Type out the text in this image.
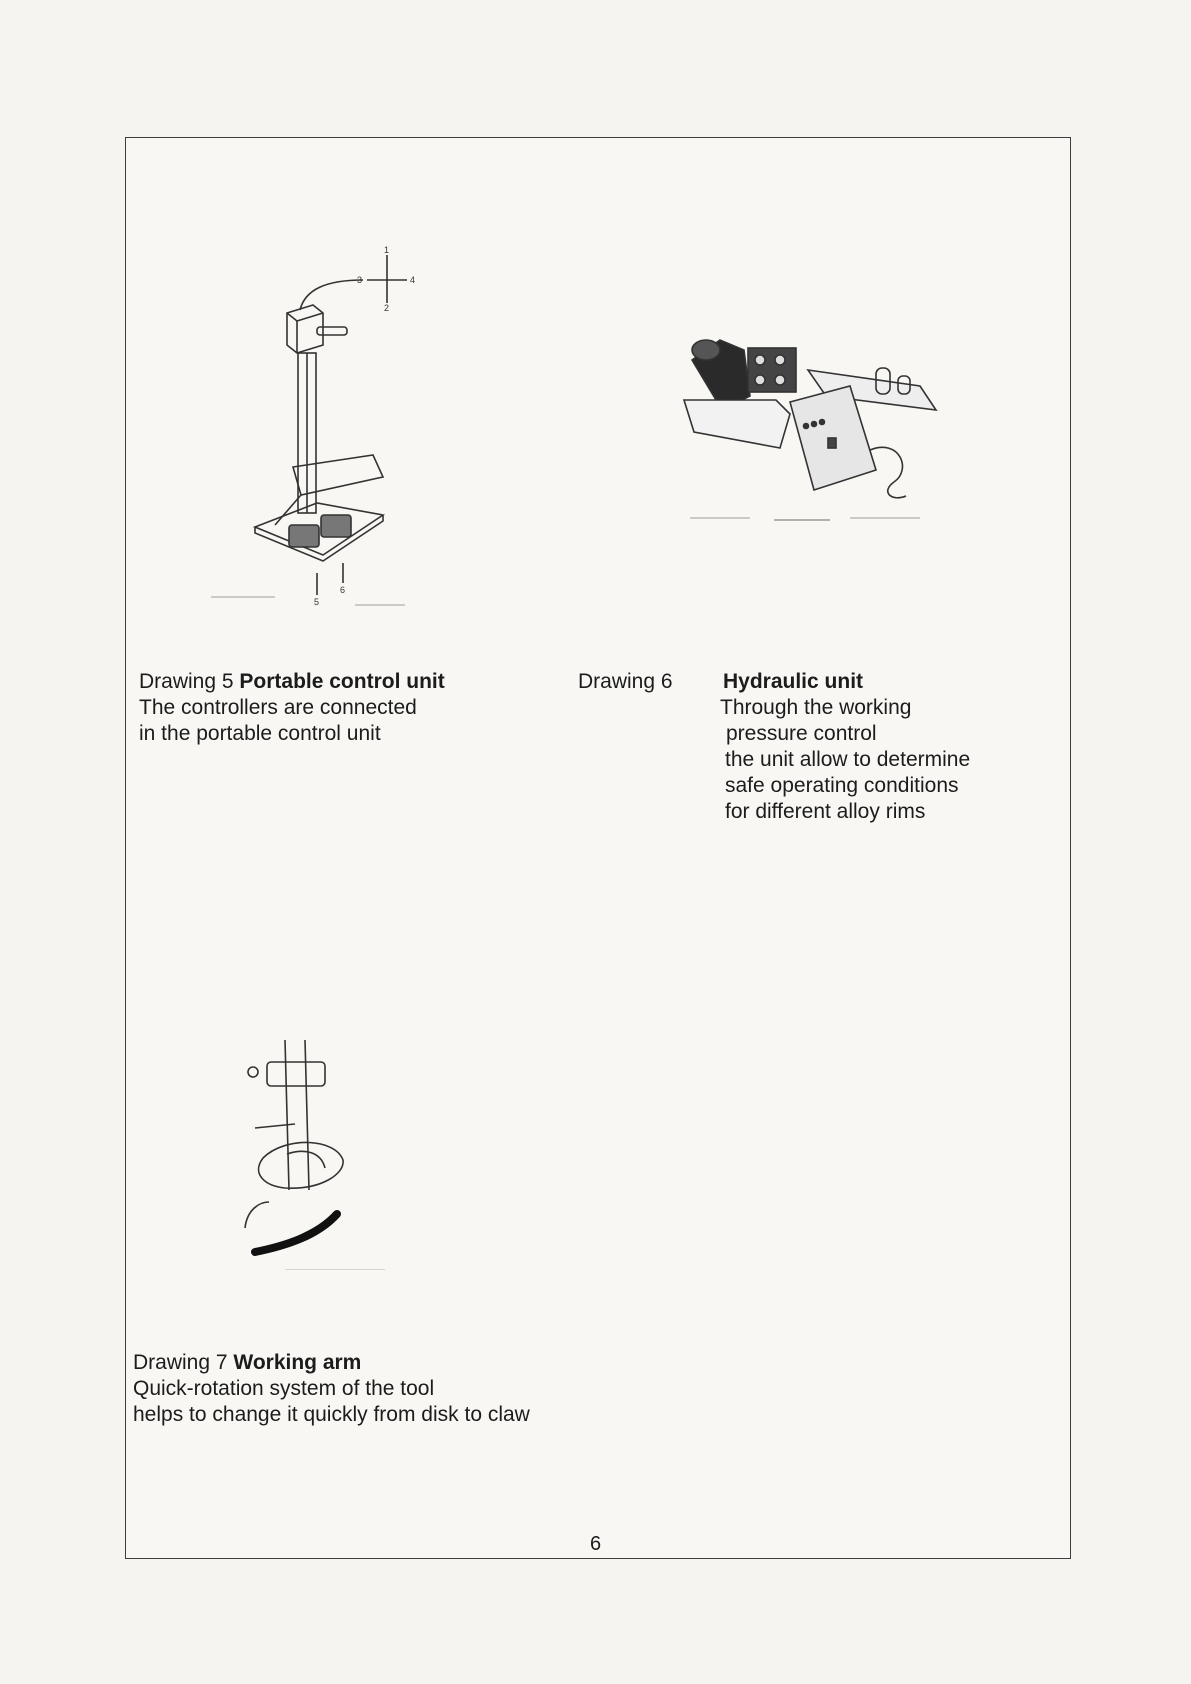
1
2
3	4
5
6
Drawing 5 Portable control unit
The controllers are connected
in the portable control unit
Drawing 6 Hydraulic unit
Through the working
pressure control
the unit allow to determine
safe operating conditions
for different alloy rims
Drawing 7 Working arm
Quick-rotation system of the tool
helps to change it quickly from disk to claw
6
